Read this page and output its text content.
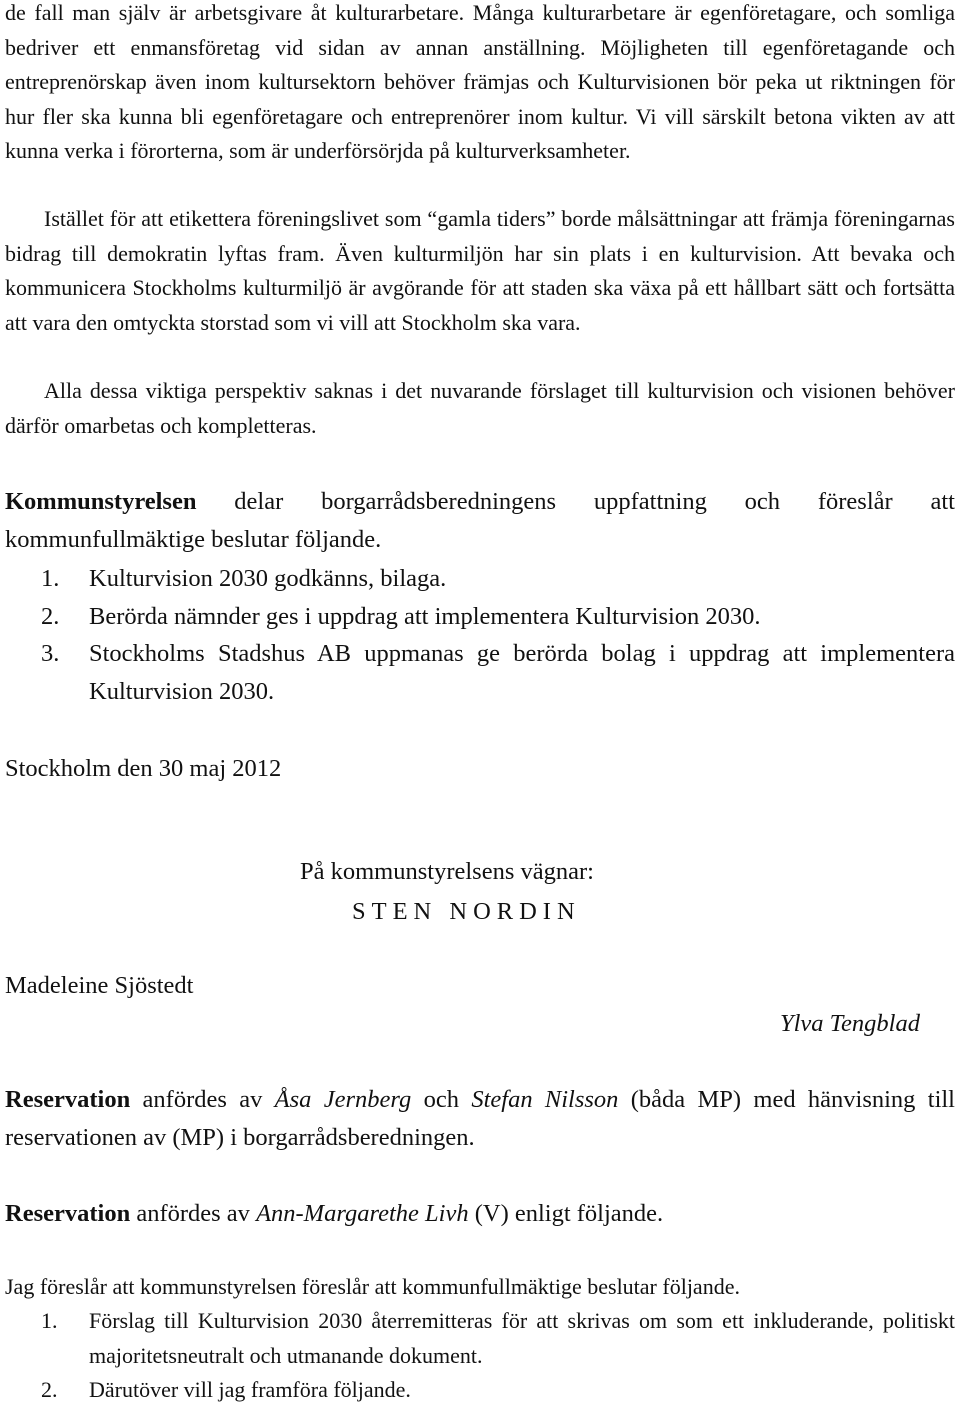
de fall man själv är arbetsgivare åt kulturarbetare. Många kulturarbetare är egenföretagare, och somliga bedriver ett enmansföretag vid sidan av annan anställning. Möjligheten till egenföretagande och entreprenörskap även inom kultursektorn behöver främjas och Kulturvisionen bör peka ut riktningen för hur fler ska kunna bli egenföretagare och entreprenörer inom kultur. Vi vill särskilt betona vikten av att kunna verka i förorterna, som är underförsörjda på kulturverksamheter.

Istället för att etikettera föreningslivet som “gamla tiders” borde målsättningar att främja föreningarnas bidrag till demokratin lyftas fram. Även kulturmiljön har sin plats i en kulturvision. Att bevaka och kommunicera Stockholms kulturmiljö är avgörande för att staden ska växa på ett hållbart sätt och fortsätta att vara den omtyckta storstad som vi vill att Stockholm ska vara.

Alla dessa viktiga perspektiv saknas i det nuvarande förslaget till kulturvision och visionen behöver därför omarbetas och kompletteras.

Kommunstyrelsen delar borgarrådsberedningens uppfattning och föreslår att kommunfullmäktige beslutar följande.

1. Kulturvision 2030 godkänns, bilaga.
2. Berörda nämnder ges i uppdrag att implementera Kulturvision 2030.
3. Stockholms Stadshus AB uppmanas ge berörda bolag i uppdrag att implementera Kulturvision 2030.

Stockholm den 30 maj 2012

På kommunstyrelsens vägnar:

STEN NORDIN

Madeleine Sjöstedt

Ylva Tengblad

Reservation anfördes av Åsa Jernberg och Stefan Nilsson (båda MP) med hänvisning till reservationen av (MP) i borgarrådsberedningen.

Reservation anfördes av Ann-Margarethe Livh (V) enligt följande.

Jag föreslår att kommunstyrelsen föreslår att kommunfullmäktige beslutar följande.

1. Förslag till Kulturvision 2030 återremitteras för att skrivas om som ett inkluderande, politiskt majoritetsneutralt och utmanande dokument.
2. Därutöver vill jag framföra följande.
